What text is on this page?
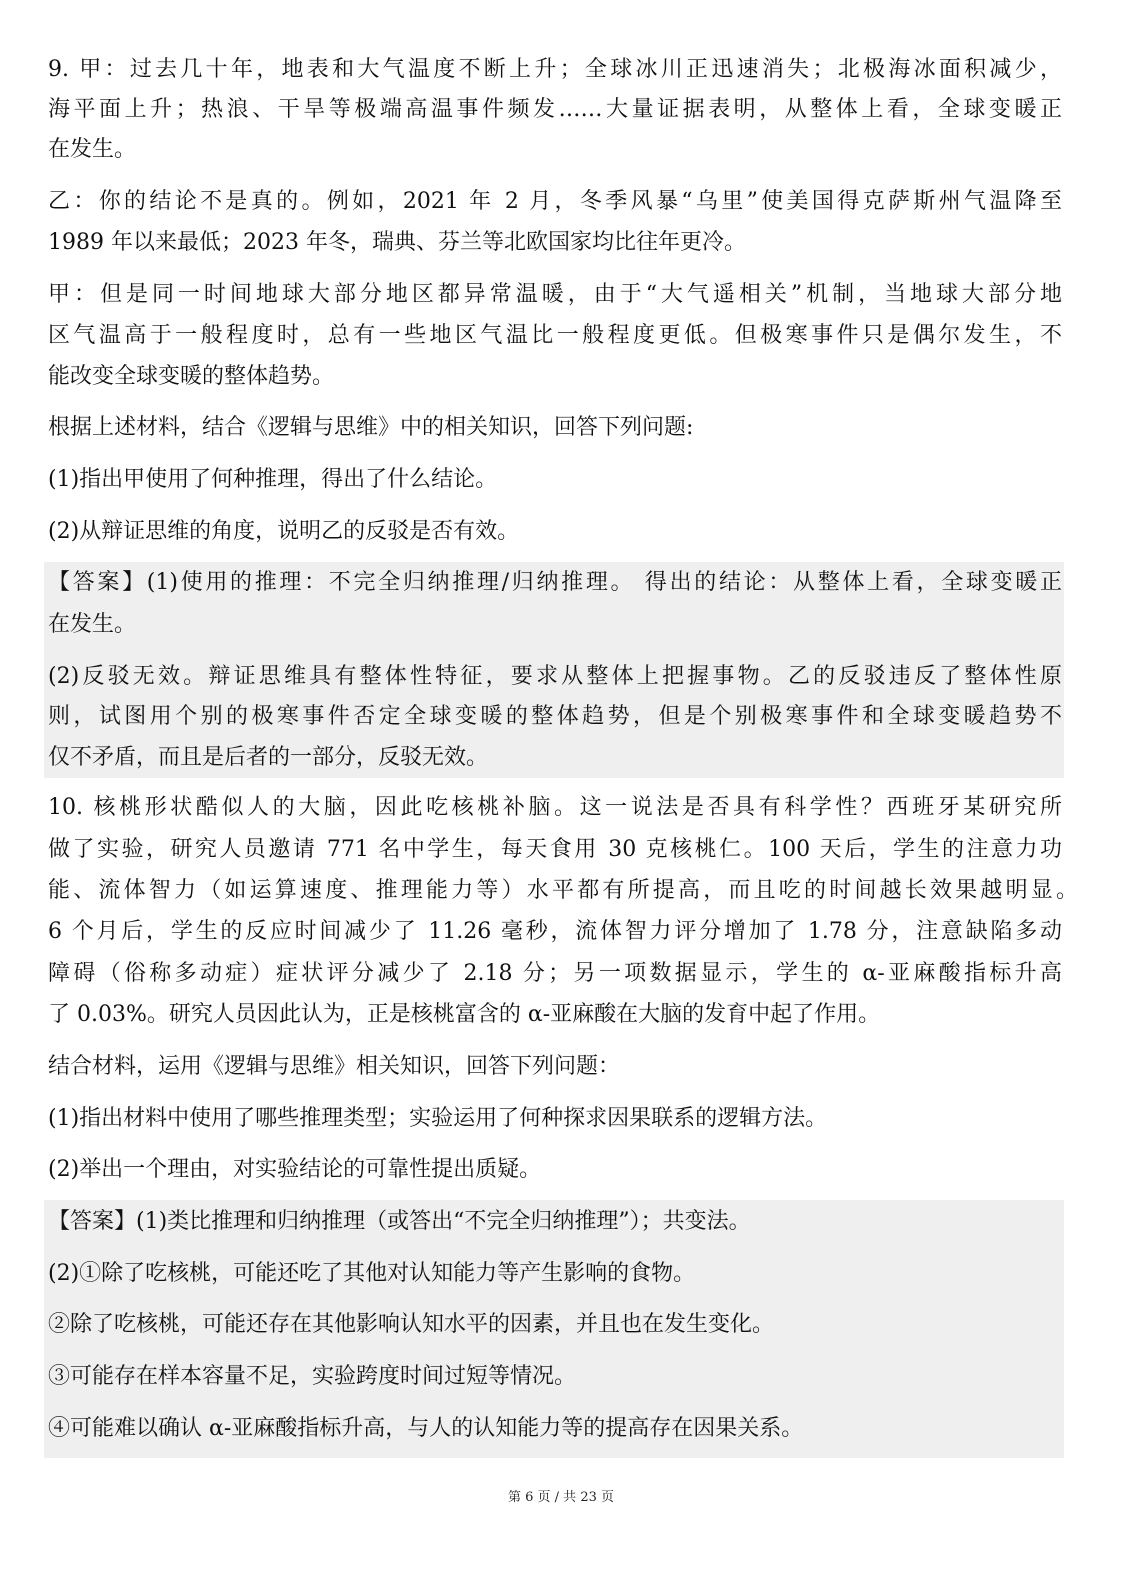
9. 甲：过去几十年，地表和大气温度不断上升；全球冰川正迅速消失；北极海冰面积减少，
海平面上升；热浪、干旱等极端高温事件频发……大量证据表明，从整体上看，全球变暖正
在发生。
乙：你的结论不是真的。例如，2021 年 2 月，冬季风暴“乌里”使美国得克萨斯州气温降至
1989 年以来最低；2023 年冬，瑞典、芬兰等北欧国家均比往年更冷。
甲：但是同一时间地球大部分地区都异常温暖，由于“大气遥相关”机制，当地球大部分地
区气温高于一般程度时，总有一些地区气温比一般程度更低。但极寒事件只是偶尔发生，不
能改变全球变暖的整体趋势。
根据上述材料，结合《逻辑与思维》中的相关知识，回答下列问题:
(1)指出甲使用了何种推理，得出了什么结论。
(2)从辩证思维的角度，说明乙的反驳是否有效。
【答案】(1)使用的推理：不完全归纳推理/归纳推理。 得出的结论：从整体上看，全球变暖正
在发生。
(2)反驳无效。辩证思维具有整体性特征，要求从整体上把握事物。乙的反驳违反了整体性原
则，试图用个别的极寒事件否定全球变暖的整体趋势，但是个别极寒事件和全球变暖趋势不
仅不矛盾，而且是后者的一部分，反驳无效。
10. 核桃形状酷似人的大脑，因此吃核桃补脑。这一说法是否具有科学性？西班牙某研究所
做了实验，研究人员邀请 771 名中学生，每天食用 30 克核桃仁。100 天后，学生的注意力功
能、流体智力（如运算速度、推理能力等）水平都有所提高，而且吃的时间越长效果越明显。
6 个月后，学生的反应时间减少了 11.26 毫秒，流体智力评分增加了 1.78 分，注意缺陷多动
障碍（俗称多动症）症状评分减少了 2.18 分；另一项数据显示，学生的 α-亚麻酸指标升高
了 0.03%。研究人员因此认为，正是核桃富含的 α-亚麻酸在大脑的发育中起了作用。
结合材料，运用《逻辑与思维》相关知识，回答下列问题：
(1)指出材料中使用了哪些推理类型；实验运用了何种探求因果联系的逻辑方法。
(2)举出一个理由，对实验结论的可靠性提出质疑。
【答案】(1)类比推理和归纳推理（或答出“不完全归纳推理”）；共变法。
(2)①除了吃核桃，可能还吃了其他对认知能力等产生影响的食物。
②除了吃核桃，可能还存在其他影响认知水平的因素，并且也在发生变化。
③可能存在样本容量不足，实验跨度时间过短等情况。
④可能难以确认 α-亚麻酸指标升高，与人的认知能力等的提高存在因果关系。
第 6 页 / 共 23 页
